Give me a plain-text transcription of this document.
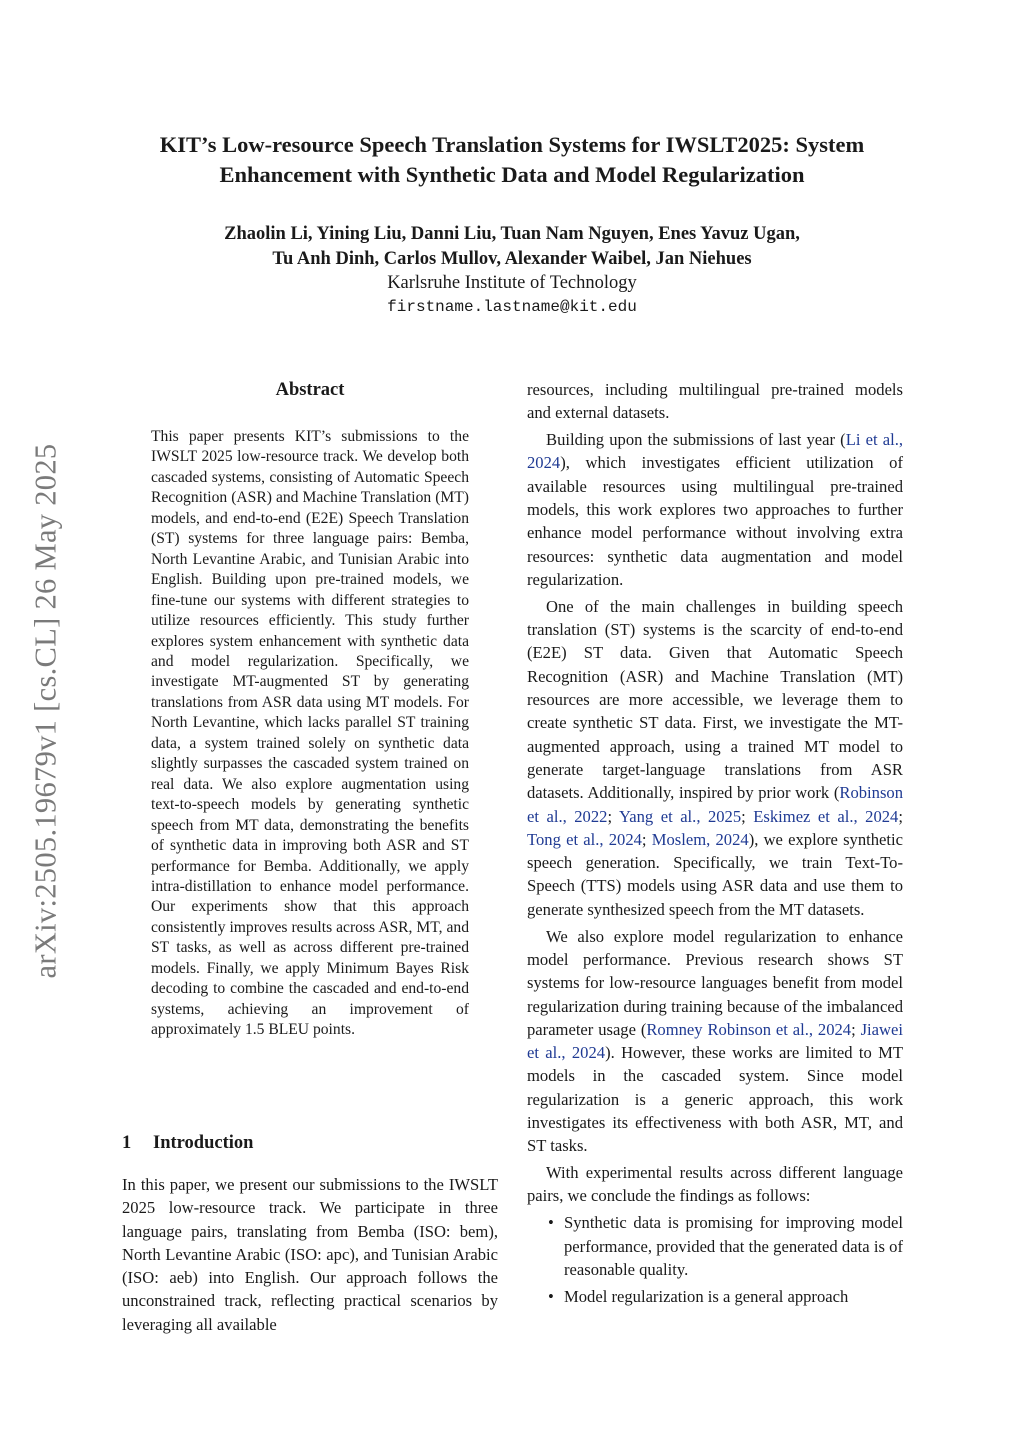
arXiv:2505.19679v1 [cs.CL] 26 May 2025
KIT’s Low-resource Speech Translation Systems for IWSLT2025: System
Enhancement with Synthetic Data and Model Regularization
Zhaolin Li, Yining Liu, Danni Liu, Tuan Nam Nguyen, Enes Yavuz Ugan,
Tu Anh Dinh, Carlos Mullov, Alexander Waibel, Jan Niehues
Karlsruhe Institute of Technology
firstname.lastname@kit.edu
Abstract
This paper presents KIT’s submissions to the IWSLT 2025 low-resource track. We develop both cascaded systems, consisting of Automatic Speech Recognition (ASR) and Machine Translation (MT) models, and end-to-end (E2E) Speech Translation (ST) systems for three language pairs: Bemba, North Levantine Arabic, and Tunisian Arabic into English. Building upon pre-trained models, we fine-tune our systems with different strategies to utilize resources efficiently. This study further explores system enhancement with synthetic data and model regularization. Specifically, we investigate MT-augmented ST by generating translations from ASR data using MT models. For North Levantine, which lacks parallel ST training data, a system trained solely on synthetic data slightly surpasses the cascaded system trained on real data. We also explore augmentation using text-to-speech models by generating synthetic speech from MT data, demonstrating the benefits of synthetic data in improving both ASR and ST performance for Bemba. Additionally, we apply intra-distillation to enhance model performance. Our experiments show that this approach consistently improves results across ASR, MT, and ST tasks, as well as across different pre-trained models. Finally, we apply Minimum Bayes Risk decoding to combine the cascaded and end-to-end systems, achieving an improvement of approximately 1.5 BLEU points.
1 Introduction
In this paper, we present our submissions to the IWSLT 2025 low-resource track. We participate in three language pairs, translating from Bemba (ISO: bem), North Levantine Arabic (ISO: apc), and Tunisian Arabic (ISO: aeb) into English. Our approach follows the unconstrained track, reflecting practical scenarios by leveraging all available

resources, including multilingual pre-trained models and external datasets.

Building upon the submissions of last year (Li et al., 2024), which investigates efficient utilization of available resources using multilingual pre-trained models, this work explores two approaches to further enhance model performance without involving extra resources: synthetic data augmentation and model regularization.

One of the main challenges in building speech translation (ST) systems is the scarcity of end-to-end (E2E) ST data. Given that Automatic Speech Recognition (ASR) and Machine Translation (MT) resources are more accessible, we leverage them to create synthetic ST data. First, we investigate the MT-augmented approach, using a trained MT model to generate target-language translations from ASR datasets. Additionally, inspired by prior work (Robinson et al., 2022; Yang et al., 2025; Eskimez et al., 2024; Tong et al., 2024; Moslem, 2024), we explore synthetic speech generation. Specifically, we train Text-To-Speech (TTS) models using ASR data and use them to generate synthesized speech from the MT datasets.

We also explore model regularization to enhance model performance. Previous research shows ST systems for low-resource languages benefit from model regularization during training because of the imbalanced parameter usage (Romney Robinson et al., 2024; Jiawei et al., 2024). However, these works are limited to MT models in the cascaded system. Since model regularization is a generic approach, this work investigates its effectiveness with both ASR, MT, and ST tasks.

With experimental results across different language pairs, we conclude the findings as follows:

• Synthetic data is promising for improving model performance, provided that the generated data is of reasonable quality.
• Model regularization is a general approach
